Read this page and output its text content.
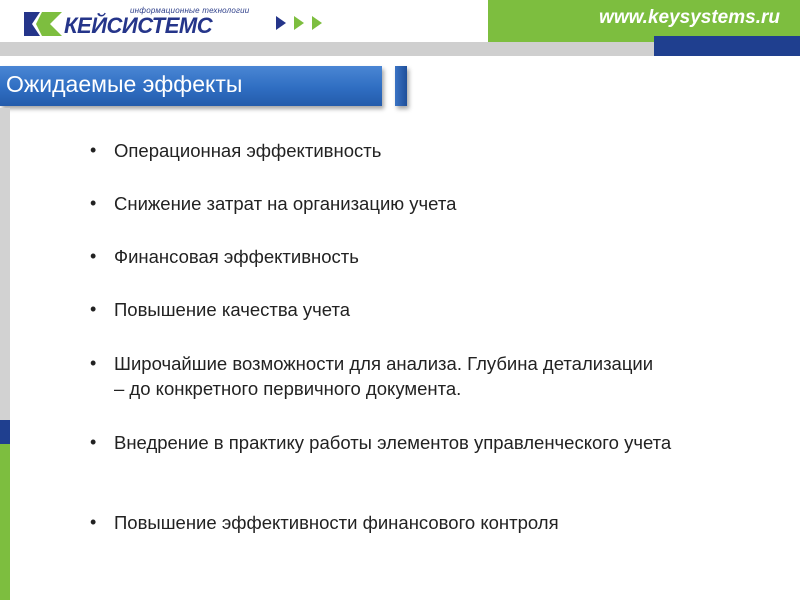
информационные технологии
КЕЙСИСТЕМС	www.keysystems.ru
Ожидаемые эффекты
• Операционная эффективность
• Снижение затрат на организацию учета
• Финансовая эффективность
• Повышение качества учета
• Широчайшие возможности для анализа. Глубина детализации – до конкретного первичного документа.
• Внедрение в практику работы элементов управленческого учета
• Повышение эффективности финансового контроля
